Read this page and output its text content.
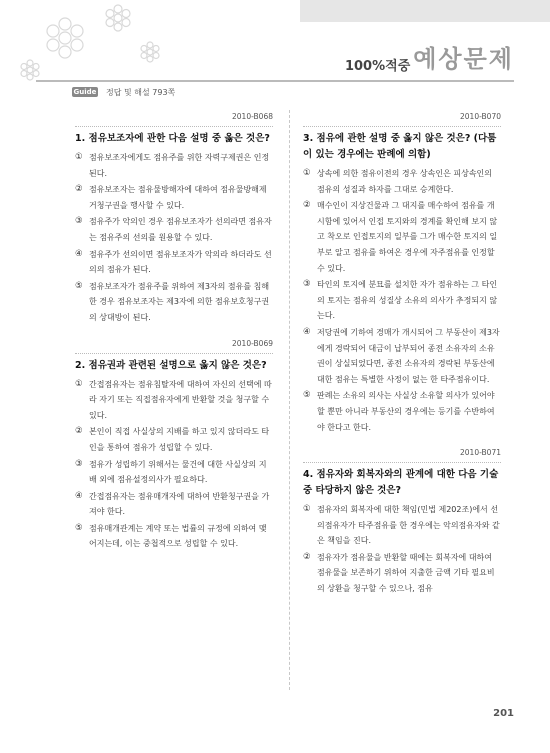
100%적중 예상문제
Guide 정답 및 해설 793쪽
2010-B068
1. 점유보조자에 관한 다음 설명 중 옳은 것은?
① 점유보조자에게도 점유주를 위한 자력구제권은 인정된다.
② 점유보조자는 점유물방해자에 대하여 점유물방해제거청구권을 행사할 수 있다.
③ 점유주가 악의인 경우 점유보조자가 선의라면 점유자는 점유주의 선의를 원용할 수 있다.
④ 점유주가 선의이면 점유보조자가 악의라 하더라도 선의의 점유가 된다.
⑤ 점유보조자가 점유주를 위하여 제3자의 점유를 침해한 경우 점유보조자는 제3자에 의한 점유보호청구권의 상대방이 된다.
2010-B069
2. 점유권과 관련된 설명으로 옳지 않은 것은?
① 간접점유자는 점유침탈자에 대하여 자신의 선택에 따라 자기 또는 직접점유자에게 반환할 것을 청구할 수 있다.
② 본인이 직접 사실상의 지배를 하고 있지 않더라도 타인을 통하여 점유가 성립할 수 있다.
③ 점유가 성립하기 위해서는 물건에 대한 사실상의 지배 외에 점유설정의사가 필요하다.
④ 간접점유자는 점유매개자에 대하여 반환청구권을 가져야 한다.
⑤ 점유매개관계는 계약 또는 법률의 규정에 의하여 맺어지는데, 이는 중첩적으로 성립할 수 있다.
2010-B070
3. 점유에 관한 설명 중 옳지 않은 것은? (다툼이 있는 경우에는 판례에 의함)
① 상속에 의한 점유이전의 경우 상속인은 피상속인의 점유의 성질과 하자를 그대로 승계한다.
② 매수인이 지상건물과 그 대지를 매수하여 점유를 개시함에 있어서 인접 토지와의 경계를 확인해 보지 않고 착오로 인접토지의 일부를 그가 매수한 토지의 일부로 알고 점유를 하여온 경우에 자주점유를 인정할 수 있다.
③ 타인의 토지에 분묘를 설치한 자가 점유하는 그 타인의 토지는 점유의 성질상 소유의 의사가 추정되지 않는다.
④ 저당권에 기하여 경매가 개시되어 그 부동산이 제3자에게 경락되어 대금이 납부되어 종전 소유자의 소유권이 상실되었다면, 종전 소유자의 경락된 부동산에 대한 점유는 특별한 사정이 없는 한 타주점유이다.
⑤ 판례는 소유의 의사는 사실상 소유할 의사가 있어야 할 뿐만 아니라 부동산의 경우에는 등기를 수반하여야 한다고 한다.
2010-B071
4. 점유자와 회복자와의 관계에 대한 다음 기술 중 타당하지 않은 것은?
① 점유자의 회복자에 대한 책임(민법 제202조)에서 선의점유자가 타주점유를 한 경우에는 악의점유자와 같은 책임을 진다.
② 점유자가 점유물을 반환할 때에는 회복자에 대하여 점유물을 보존하기 위하여 지출한 금액 기타 필요비의 상환을 청구할 수 있으나, 점유
201
